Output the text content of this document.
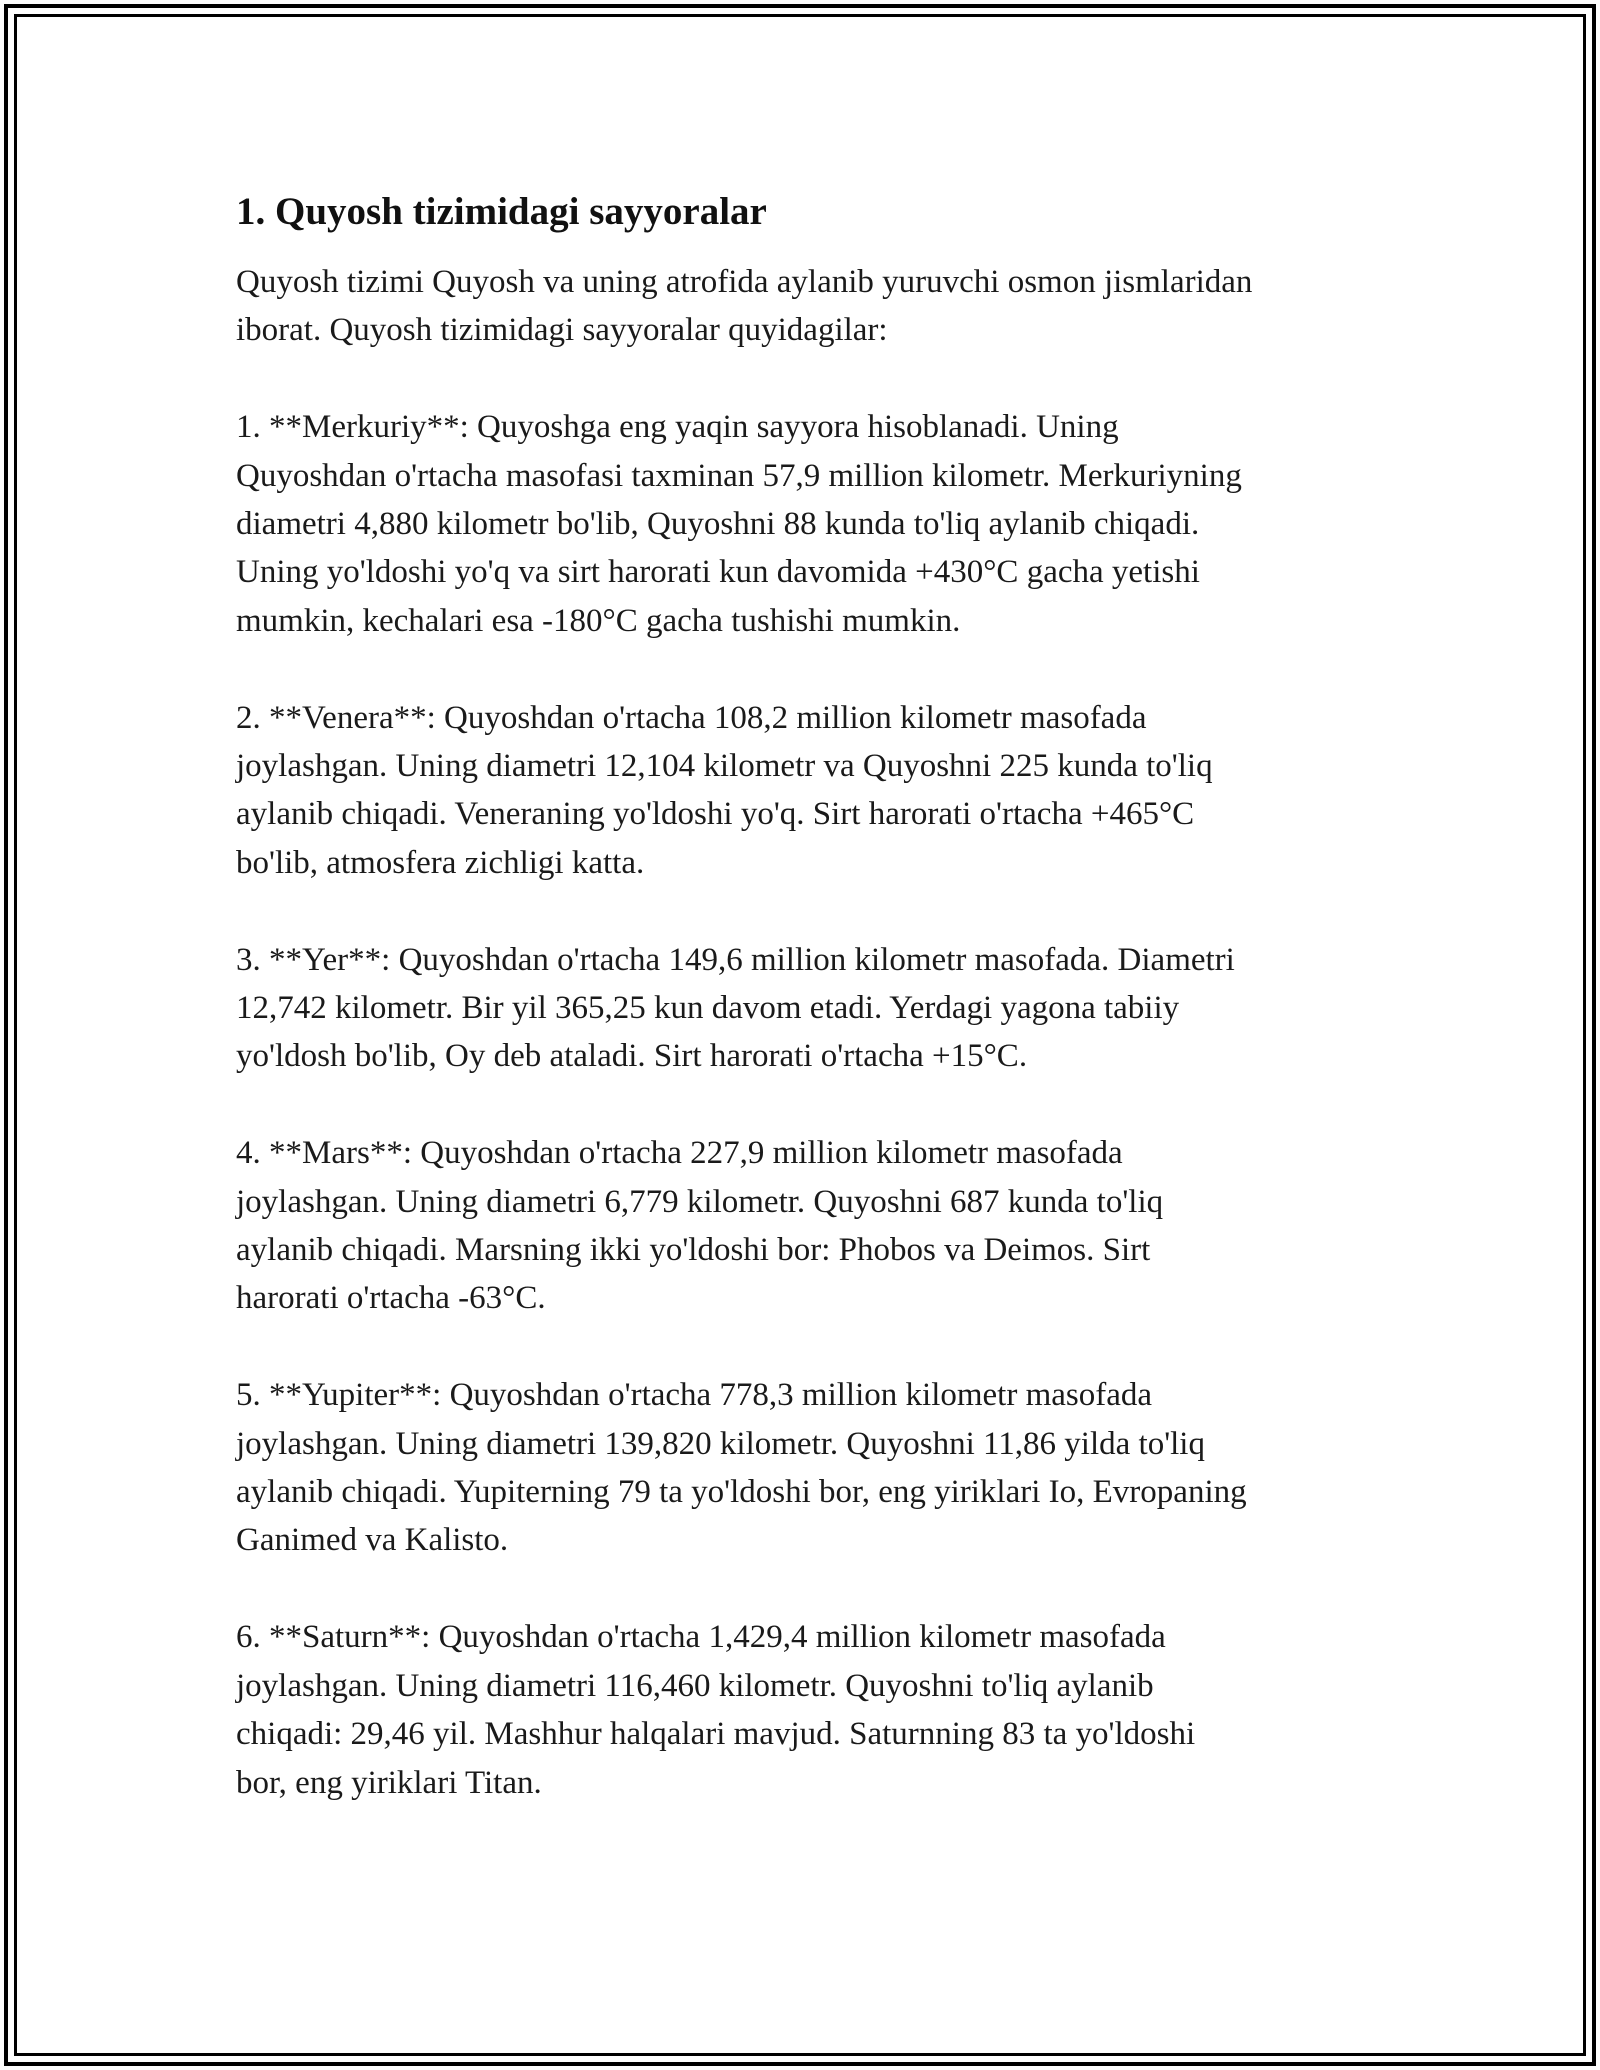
1. Quyosh tizimidagi sayyoralar

Quyosh tizimi Quyosh va uning atrofida aylanib yuruvchi osmon jismlaridan
iborat. Quyosh tizimidagi sayyoralar quyidagilar:

1. **Merkuriy**: Quyoshga eng yaqin sayyora hisoblanadi. Uning
Quyoshdan o'rtacha masofasi taxminan 57,9 million kilometr. Merkuriyning
diametri 4,880 kilometr bo'lib, Quyoshni 88 kunda to'liq aylanib chiqadi.
Uning yo'ldoshi yo'q va sirt harorati kun davomida +430°C gacha yetishi
mumkin, kechalari esa -180°C gacha tushishi mumkin.

2. **Venera**: Quyoshdan o'rtacha 108,2 million kilometr masofada
joylashgan. Uning diametri 12,104 kilometr va Quyoshni 225 kunda to'liq
aylanib chiqadi. Veneraning yo'ldoshi yo'q. Sirt harorati o'rtacha +465°C
bo'lib, atmosfera zichligi katta.

3. **Yer**: Quyoshdan o'rtacha 149,6 million kilometr masofada. Diametri
12,742 kilometr. Bir yil 365,25 kun davom etadi. Yerdagi yagona tabiiy
yo'ldosh bo'lib, Oy deb ataladi. Sirt harorati o'rtacha +15°C.

4. **Mars**: Quyoshdan o'rtacha 227,9 million kilometr masofada
joylashgan. Uning diametri 6,779 kilometr. Quyoshni 687 kunda to'liq
aylanib chiqadi. Marsning ikki yo'ldoshi bor: Phobos va Deimos. Sirt
harorati o'rtacha -63°C.

5. **Yupiter**: Quyoshdan o'rtacha 778,3 million kilometr masofada
joylashgan. Uning diametri 139,820 kilometr. Quyoshni 11,86 yilda to'liq
aylanib chiqadi. Yupiterning 79 ta yo'ldoshi bor, eng yiriklari Io, Evropaning
Ganimed va Kalisto.

6. **Saturn**: Quyoshdan o'rtacha 1,429,4 million kilometr masofada
joylashgan. Uning diametri 116,460 kilometr. Quyoshni to'liq aylanib
chiqadi: 29,46 yil. Mashhur halqalari mavjud. Saturnning 83 ta yo'ldoshi
bor, eng yiriklari Titan.
